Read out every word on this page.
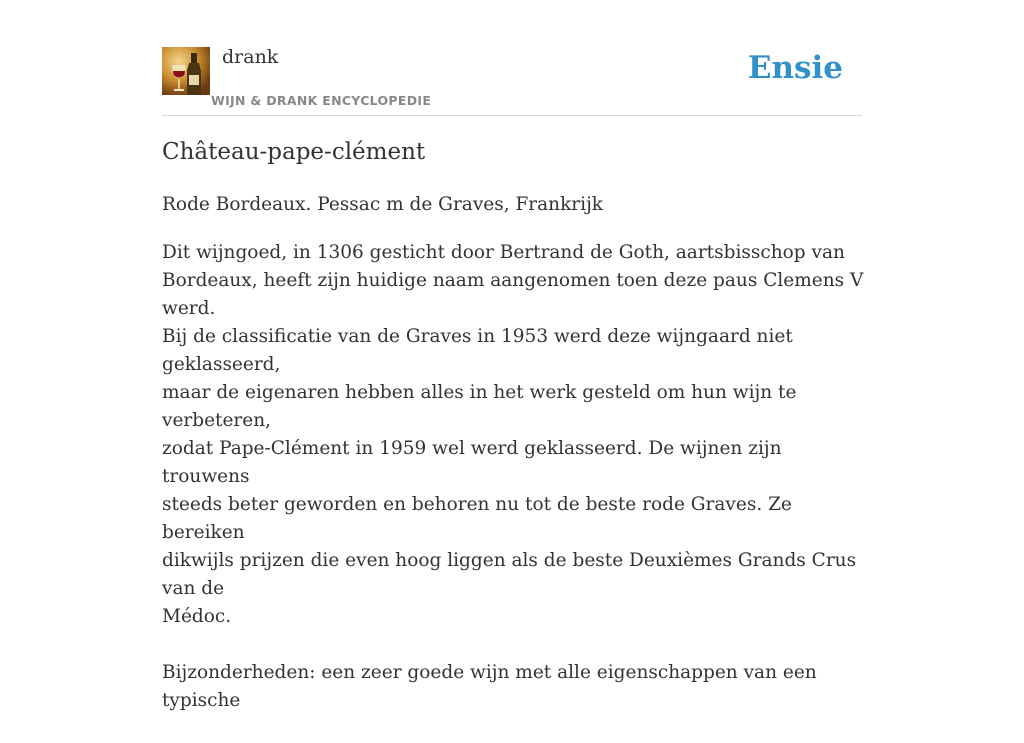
drank
WIJN & DRANK ENCYCLOPEDIE
Ensie
Château-pape-clément

Rode Bordeaux. Pessac m de Graves, Frankrijk

Dit wijngoed, in 1306 gesticht door Bertrand de Goth, aartsbisschop van
Bordeaux, heeft zijn huidige naam aangenomen toen deze paus Clemens V werd.
Bij de classificatie van de Graves in 1953 werd deze wijngaard niet geklasseerd,
maar de eigenaren hebben alles in het werk gesteld om hun wijn te verbeteren,
zodat Pape-Clément in 1959 wel werd geklasseerd. De wijnen zijn trouwens
steeds beter geworden en behoren nu tot de beste rode Graves. Ze bereiken
dikwijls prijzen die even hoog liggen als de beste Deuxièmes Grands Crus van de
Médoc.

Bijzonderheden: een zeer goede wijn met alle eigenschappen van een typische
